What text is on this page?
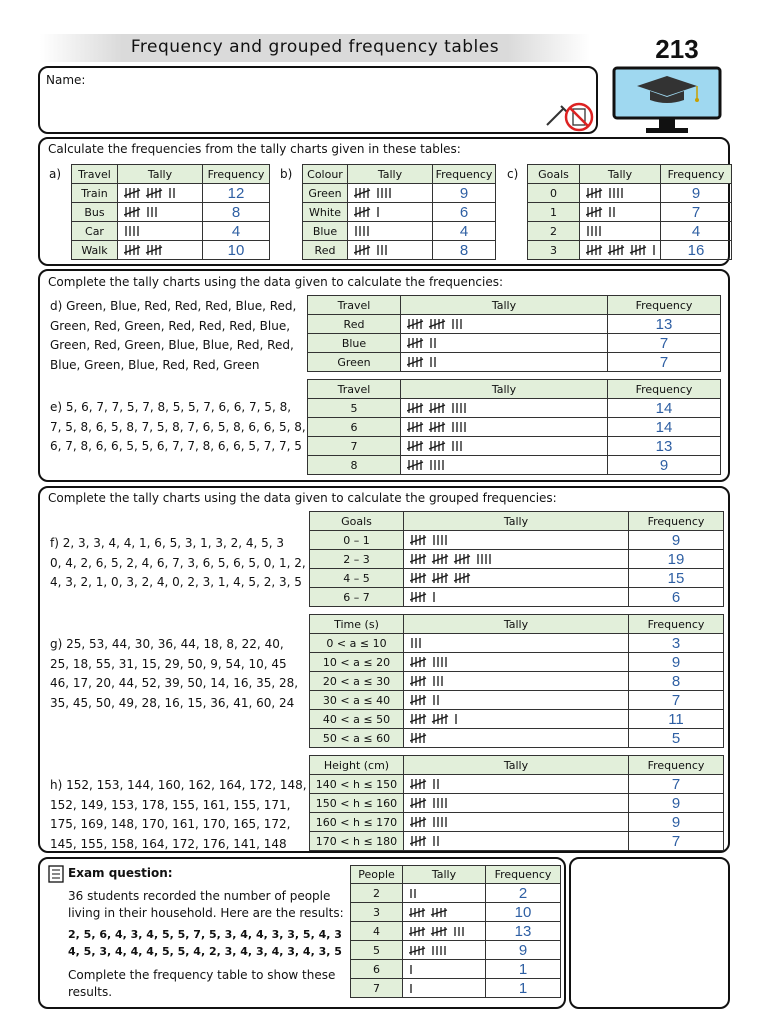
Frequency and grouped frequency tables	213
Name:
Calculate the frequencies from the tally charts given in these tables:
a)	b)	c)
Travel	Tally	Frequency
Train		12
Bus		8
Car		4
Walk		10
Colour	Tally	Frequency
Green		9
White		6
Blue		4
Red		8
Goals	Tally	Frequency
0		9
1		7
2		4
3		16
Complete the tally charts using the data given to calculate the frequencies:
d) Green, Blue, Red, Red, Red, Blue, Red,
Green, Red, Green, Red, Red, Red, Blue,
Green, Red, Green, Blue, Blue, Red, Red,
Blue, Green, Blue, Red, Red, Green
e) 5, 6, 7, 7, 5, 7, 8, 5, 5, 7, 6, 6, 7, 5, 8,
7, 5, 8, 6, 5, 8, 7, 5, 8, 7, 6, 5, 8, 6, 6, 5, 8,
6, 7, 8, 6, 6, 5, 5, 6, 7, 7, 8, 6, 6, 5, 7, 7, 5
Travel	Tally	Frequency
Red		13
Blue		7
Green		7
Travel	Tally	Frequency
5		14
6		14
7		13
8		9
Complete the tally charts using the data given to calculate the grouped frequencies:
f) 2, 3, 3, 4, 4, 1, 6, 5, 3, 1, 3, 2, 4, 5, 3
0, 4, 2, 6, 5, 2, 4, 6, 7, 3, 6, 5, 6, 5, 0, 1, 2,
4, 3, 2, 1, 0, 3, 2, 4, 0, 2, 3, 1, 4, 5, 2, 3, 5
g) 25, 53, 44, 30, 36, 44, 18, 8, 22, 40,
25, 18, 55, 31, 15, 29, 50, 9, 54, 10, 45
46, 17, 20, 44, 52, 39, 50, 14, 16, 35, 28,
35, 45, 50, 49, 28, 16, 15, 36, 41, 60, 24
h) 152, 153, 144, 160, 162, 164, 172, 148,
152, 149, 153, 178, 155, 161, 155, 171,
175, 169, 148, 170, 161, 170, 165, 172,
145, 155, 158, 164, 172, 176, 141, 148
Goals	Tally	Frequency
0 – 1		9
2 – 3		19
4 – 5		15
6 – 7		6
Time (s)	Tally	Frequency
0 < a ≤ 10		3
10 < a ≤ 20		9
20 < a ≤ 30		8
30 < a ≤ 40		7
40 < a ≤ 50		11
50 < a ≤ 60		5
Height (cm)	Tally	Frequency
140 < h ≤ 150		7
150 < h ≤ 160		9
160 < h ≤ 170		9
170 < h ≤ 180		7
Exam question:
36 students recorded the number of people
living in their household. Here are the results:
2, 5, 6, 4, 3, 4, 5, 5, 7, 5, 3, 4, 4, 3, 3, 5, 4, 3
4, 5, 3, 4, 4, 4, 5, 5, 4, 2, 3, 4, 3, 4, 3, 4, 3, 5
Complete the frequency table to show these
results.
People	Tally	Frequency
2		2
3		10
4		13
5		9
6		1
7		1
